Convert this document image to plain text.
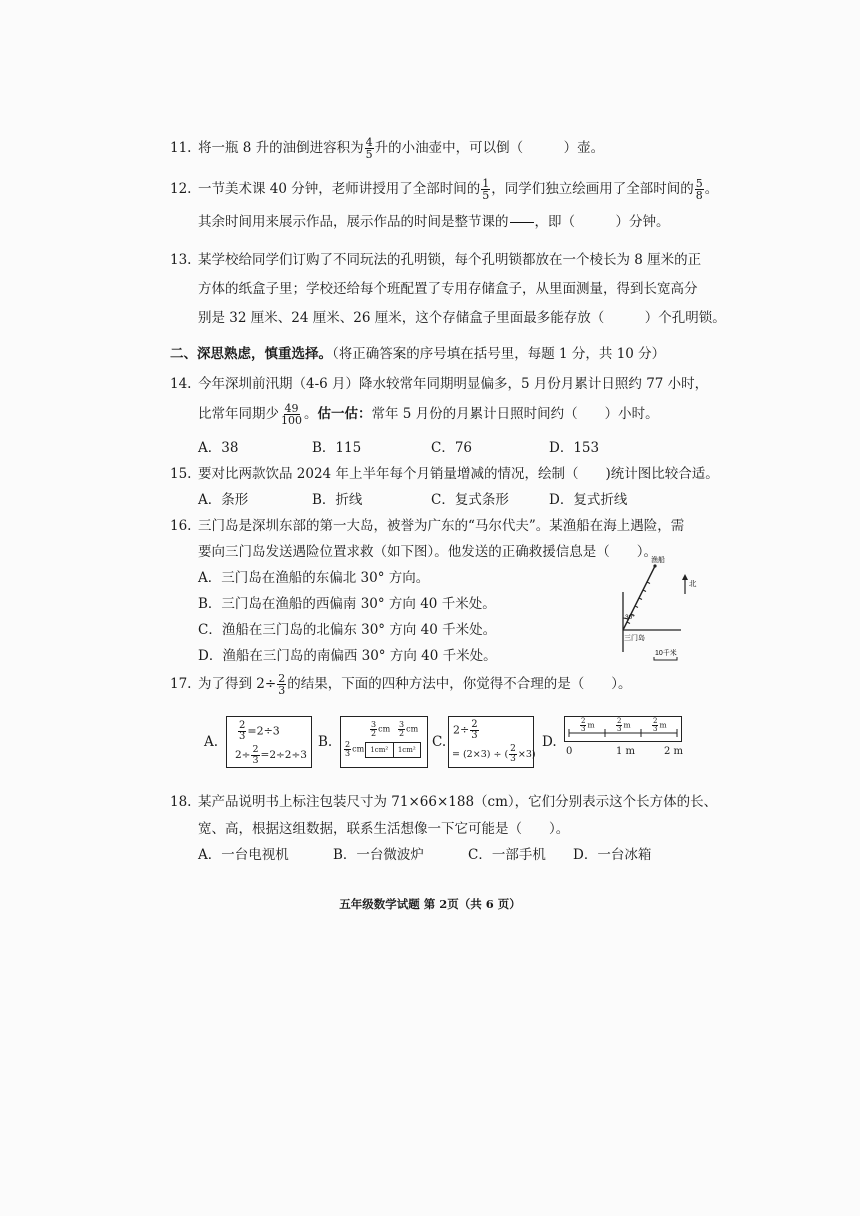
11. 将一瓶 8 升的油倒进容积为 $\frac{4}{5}$ 升的小油壶中，可以倒（　　　）壶。
12. 一节美术课 40 分钟，老师讲授用了全部时间的 $\frac{1}{5}$ ，同学们独立绘画用了全部时间的 $\frac{5}{8}$ 。
其余时间用来展示作品，展示作品的时间是整节课的 ，即（　　　）分钟。
13. 某学校给同学们订购了不同玩法的孔明锁，每个孔明锁都放在一个棱长为 8 厘米的正
方体的纸盒子里；学校还给每个班配置了专用存储盒子，从里面测量，得到长宽高分
别是 32 厘米、24 厘米、26 厘米，这个存储盒子里面最多能存放（　　　）个孔明锁。
二、深思熟虑，慎重选择。（将正确答案的序号填在括号里，每题 1 分，共 10 分）
14. 今年深圳前汛期（4-6 月）降水较常年同期明显偏多，5 月份月累计日照约 77 小时，
比常年同期少 $\frac{49}{100}$ 。估一估：常年 5 月份的月累计日照时间约（　　）小时。
A．38	B．115	C．76	D．153
15. 要对比两款饮品 2024 年上半年每个月销量增减的情况，绘制（　　)统计图比较合适。
A．条形	B．折线	C．复式条形	D．复式折线
16. 三门岛是深圳东部的第一大岛，被誉为广东的“马尔代夫”。某渔船在海上遇险，需
要向三门岛发送遇险位置求救（如下图）。他发送的正确救援信息是（　　）。
A．三门岛在渔船的东偏北 30° 方向。
B．三门岛在渔船的西偏南 30° 方向 40 千米处。
C．渔船在三门岛的北偏东 30° 方向 40 千米处。
D．渔船在三门岛的南偏西 30° 方向 40 千米处。
渔船
30°
三门岛
北
10千米
17. 为了得到 $2\div \frac{2}{3}$ 的结果，下面的四种方法中，你觉得不合理的是（　　）。
A. $\frac{2}{3} =2\div 3$
$2\div \frac{2}{3} =2\div 2\div 3$
B.
$\frac{3}{2}$ cm $\frac{3}{2}$ cm
$\frac{2}{3}$ cm 1cm²	1cm²	C.
$2\div \frac{2}{3}$
= (2×3) ÷ ( $\frac{2}{3} \times 3$)
D.
$\frac{2}{3}$ m	$\frac{2}{3}$ m	$\frac{2}{3}$ m
0	1 m	2 m
18. 某产品说明书上标注包装尺寸为 71×66×188（cm），它们分别表示这个长方体的长、
宽、高，根据这组数据，联系生活想像一下它可能是（　　）。
A．一台电视机	B．一台微波炉	C．一部手机 D．一台冰箱
五年级数学试题 第 2页（共 6 页）
